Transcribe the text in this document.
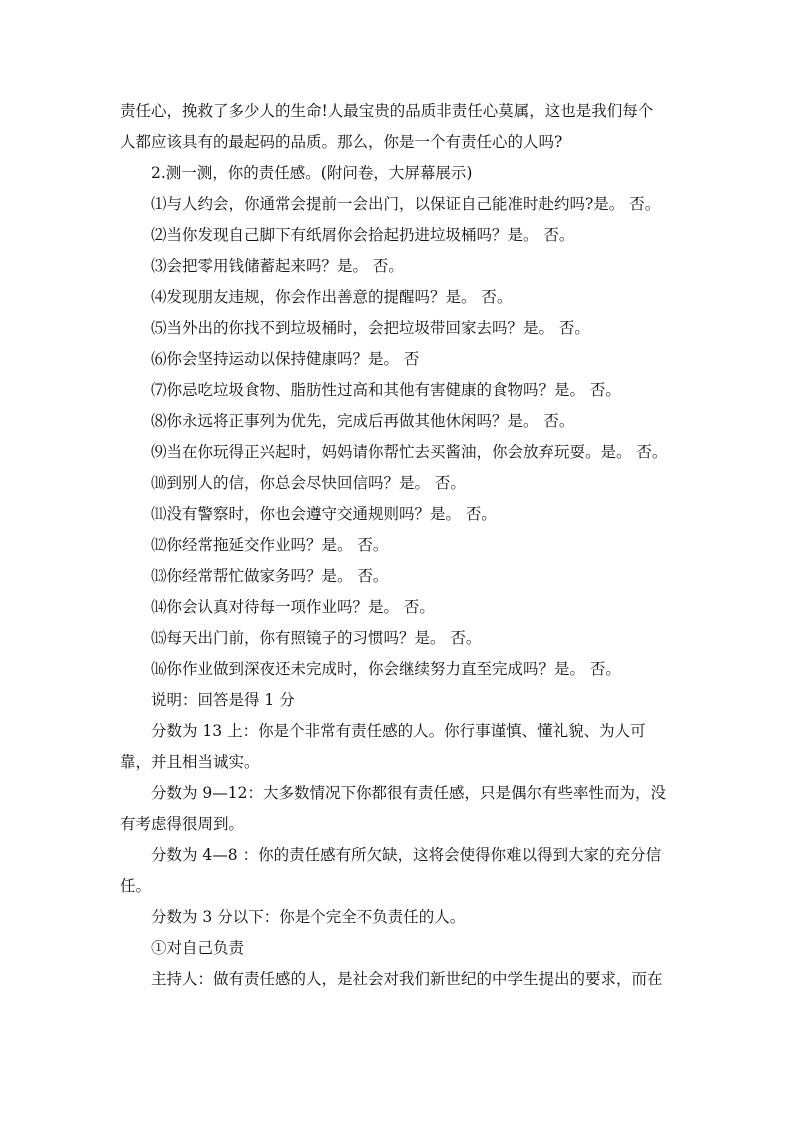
责任心，挽救了多少人的生命!人最宝贵的品质非责任心莫属，这也是我们每个

人都应该具有的最起码的品质。那么，你是一个有责任心的人吗?

2.测一测，你的责任感。(附问卷，大屏幕展示)

⑴与人约会，你通常会提前一会出门，以保证自己能准时赴约吗?是。 否。

⑵当你发现自己脚下有纸屑你会拾起扔进垃圾桶吗？是。 否。

⑶会把零用钱储蓄起来吗？是。 否。

⑷发现朋友违规，你会作出善意的提醒吗？是。 否。

⑸当外出的你找不到垃圾桶时，会把垃圾带回家去吗？是。 否。

⑹你会坚持运动以保持健康吗？是。 否

⑺你忌吃垃圾食物、脂肪性过高和其他有害健康的食物吗？是。 否。

⑻你永远将正事列为优先，完成后再做其他休闲吗？是。 否。

⑼当在你玩得正兴起时，妈妈请你帮忙去买酱油，你会放弃玩耍。是。 否。

⑽到别人的信，你总会尽快回信吗？是。 否。

⑾没有警察时，你也会遵守交通规则吗？是。 否。

⑿你经常拖延交作业吗？是。 否。

⒀你经常帮忙做家务吗？是。 否。

⒁你会认真对待每一项作业吗？是。 否。

⒂每天出门前，你有照镜子的习惯吗？是。 否。

⒃你作业做到深夜还未完成时，你会继续努力直至完成吗？是。 否。

说明：回答是得 1 分

分数为 13 上：你是个非常有责任感的人。你行事谨慎、懂礼貌、为人可靠，并且相当诚实。

分数为 9—12：大多数情况下你都很有责任感，只是偶尔有些率性而为，没有考虑得很周到。

分数为 4—8 ：你的责任感有所欠缺，这将会使得你难以得到大家的充分信任。

分数为 3 分以下：你是个完全不负责任的人。

①对自己负责

主持人：做有责任感的人，是社会对我们新世纪的中学生提出的要求，而在
